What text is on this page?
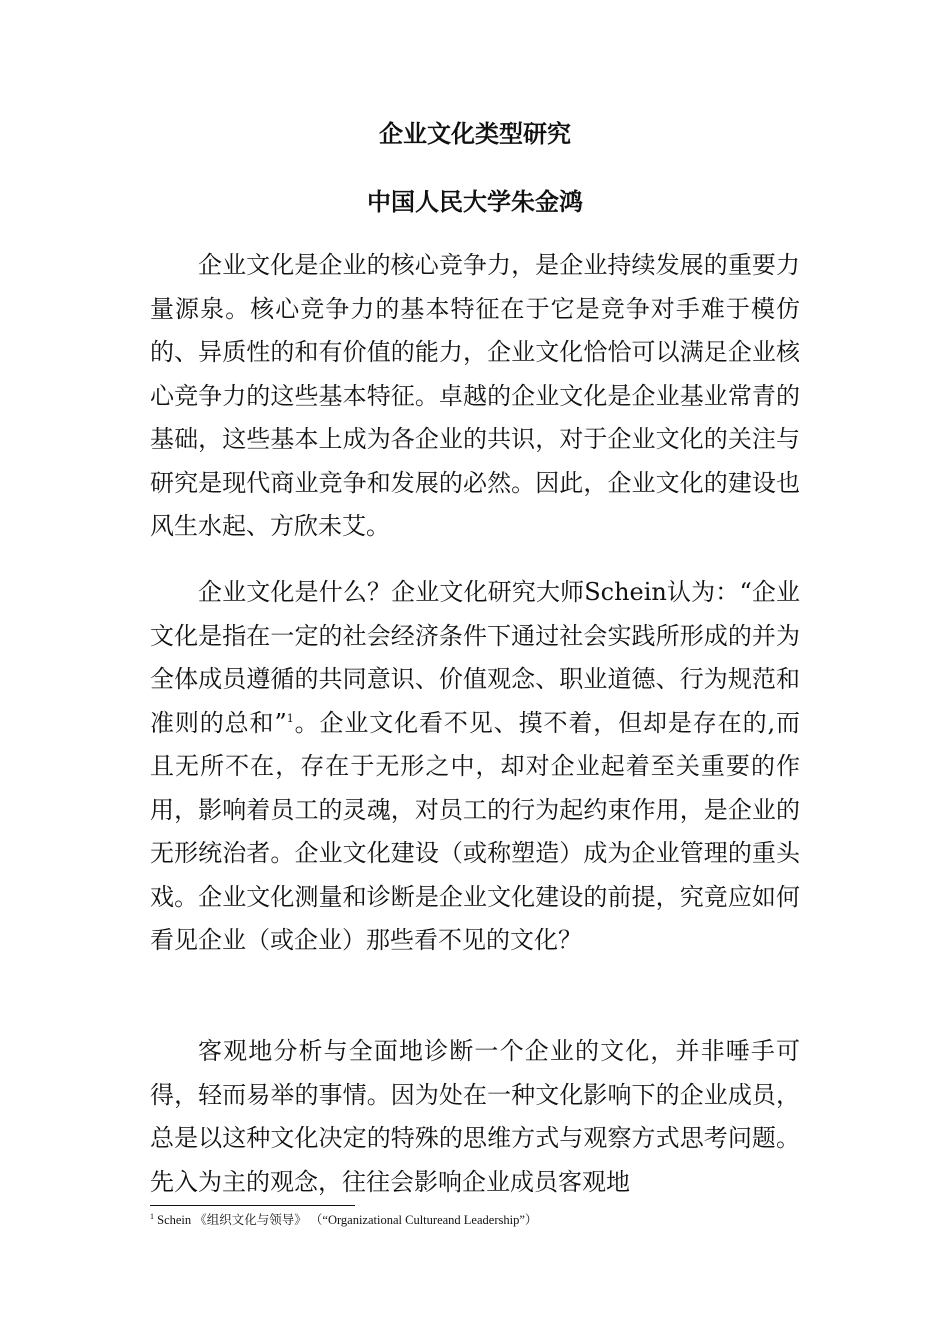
企业文化类型研究
中国人民大学朱金鸿

企业文化是企业的核心竞争力，是企业持续发展的重要力量源泉。核心竞争力的基本特征在于它是竞争对手难于模仿的、异质性的和有价值的能力，企业文化恰恰可以满足企业核心竞争力的这些基本特征。卓越的企业文化是企业基业常青的基础，这些基本上成为各企业的共识，对于企业文化的关注与研究是现代商业竞争和发展的必然。因此，企业文化的建设也风生水起、方欣未艾。

企业文化是什么？企业文化研究大师Schein认为：“企业文化是指在一定的社会经济条件下通过社会实践所形成的并为全体成员遵循的共同意识、价值观念、职业道德、行为规范和准则的总和”$^1$。企业文化看不见、摸不着，但却是存在的,而且无所不在，存在于无形之中，却对企业起着至关重要的作用，影响着员工的灵魂，对员工的行为起约束作用，是企业的无形统治者。企业文化建设（或称塑造）成为企业管理的重头戏。企业文化测量和诊断是企业文化建设的前提，究竟应如何看见企业（或企业）那些看不见的文化？

客观地分析与全面地诊断一个企业的文化，并非唾手可得，轻而易举的事情。因为处在一种文化影响下的企业成员，总是以这种文化决定的特殊的思维方式与观察方式思考问题。 先入为主的观念，往往会影响企业成员客观地

$^1$ Schein 《组织文化与领导》 （“Organizational Cultureand Leadership”）
